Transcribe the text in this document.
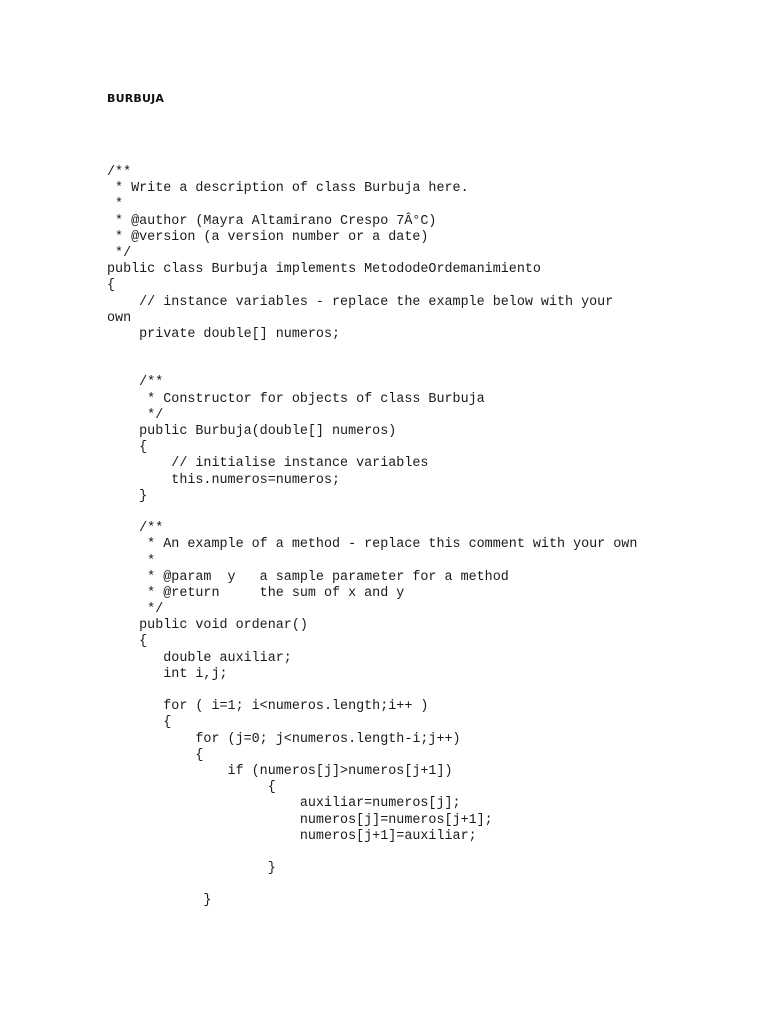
BURBUJA
/**
* Write a description of class Burbuja here.
*
* @author (Mayra Altamirano Crespo 7Â°C)
* @version (a version number or a date)
*/
public class Burbuja implements MetododeOrdemanimiento
{
// instance variables - replace the example below with your
own
private double[] numeros;
/**
* Constructor for objects of class Burbuja
*/
public Burbuja(double[] numeros)
{
// initialise instance variables
this.numeros=numeros;
}
/**
* An example of a method - replace this comment with your own
*
* @param  y   a sample parameter for a method
* @return     the sum of x and y
*/
public void ordenar()
{
double auxiliar;
int i,j;
for ( i=1; i<numeros.length;i++ )
{
for (j=0; j<numeros.length-i;j++)
{
if (numeros[j]>numeros[j+1])
{
auxiliar=numeros[j];
numeros[j]=numeros[j+1];
numeros[j+1]=auxiliar;
}
}
